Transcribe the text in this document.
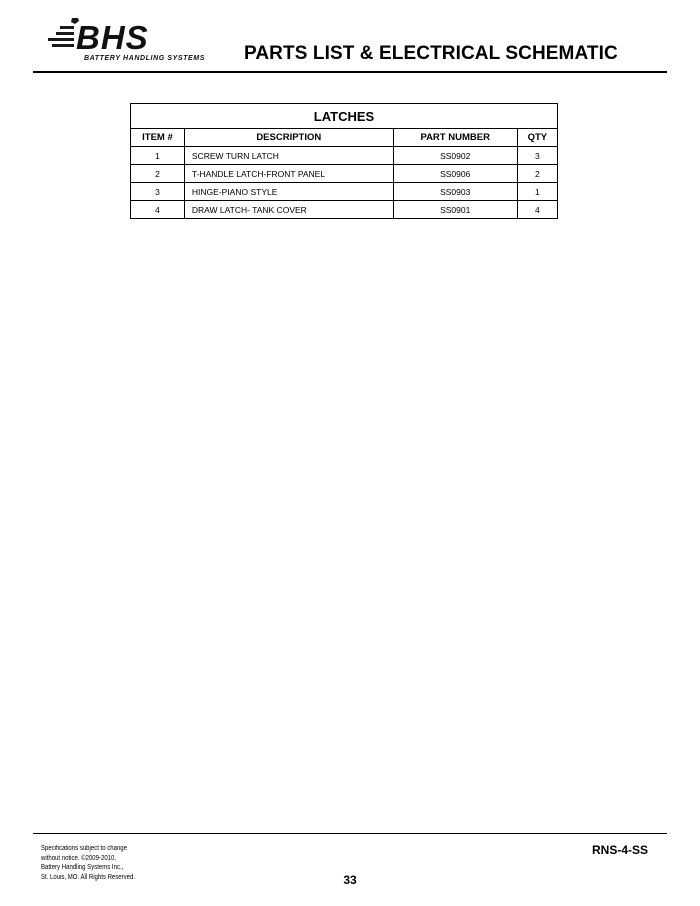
BHS
BATTERY HANDLING SYSTEMS PARTS LIST & ELECTRICAL SCHEMATIC
LATCHES			
ITEM #	DESCRIPTION	PART NUMBER	QTY
1	SCREW TURN LATCH	SS0902	3
2	T-HANDLE LATCH-FRONT PANEL	SS0906	2
3	HINGE-PIANO STYLE	SS0903	1
4	DRAW LATCH- TANK COVER	SS0901	4
Specifications subject to change
without notice. ©2009-2010,
Battery Handling Systems Inc.,
St. Louis, MO. All Rights Reserved.
RNS-4-SS
33
